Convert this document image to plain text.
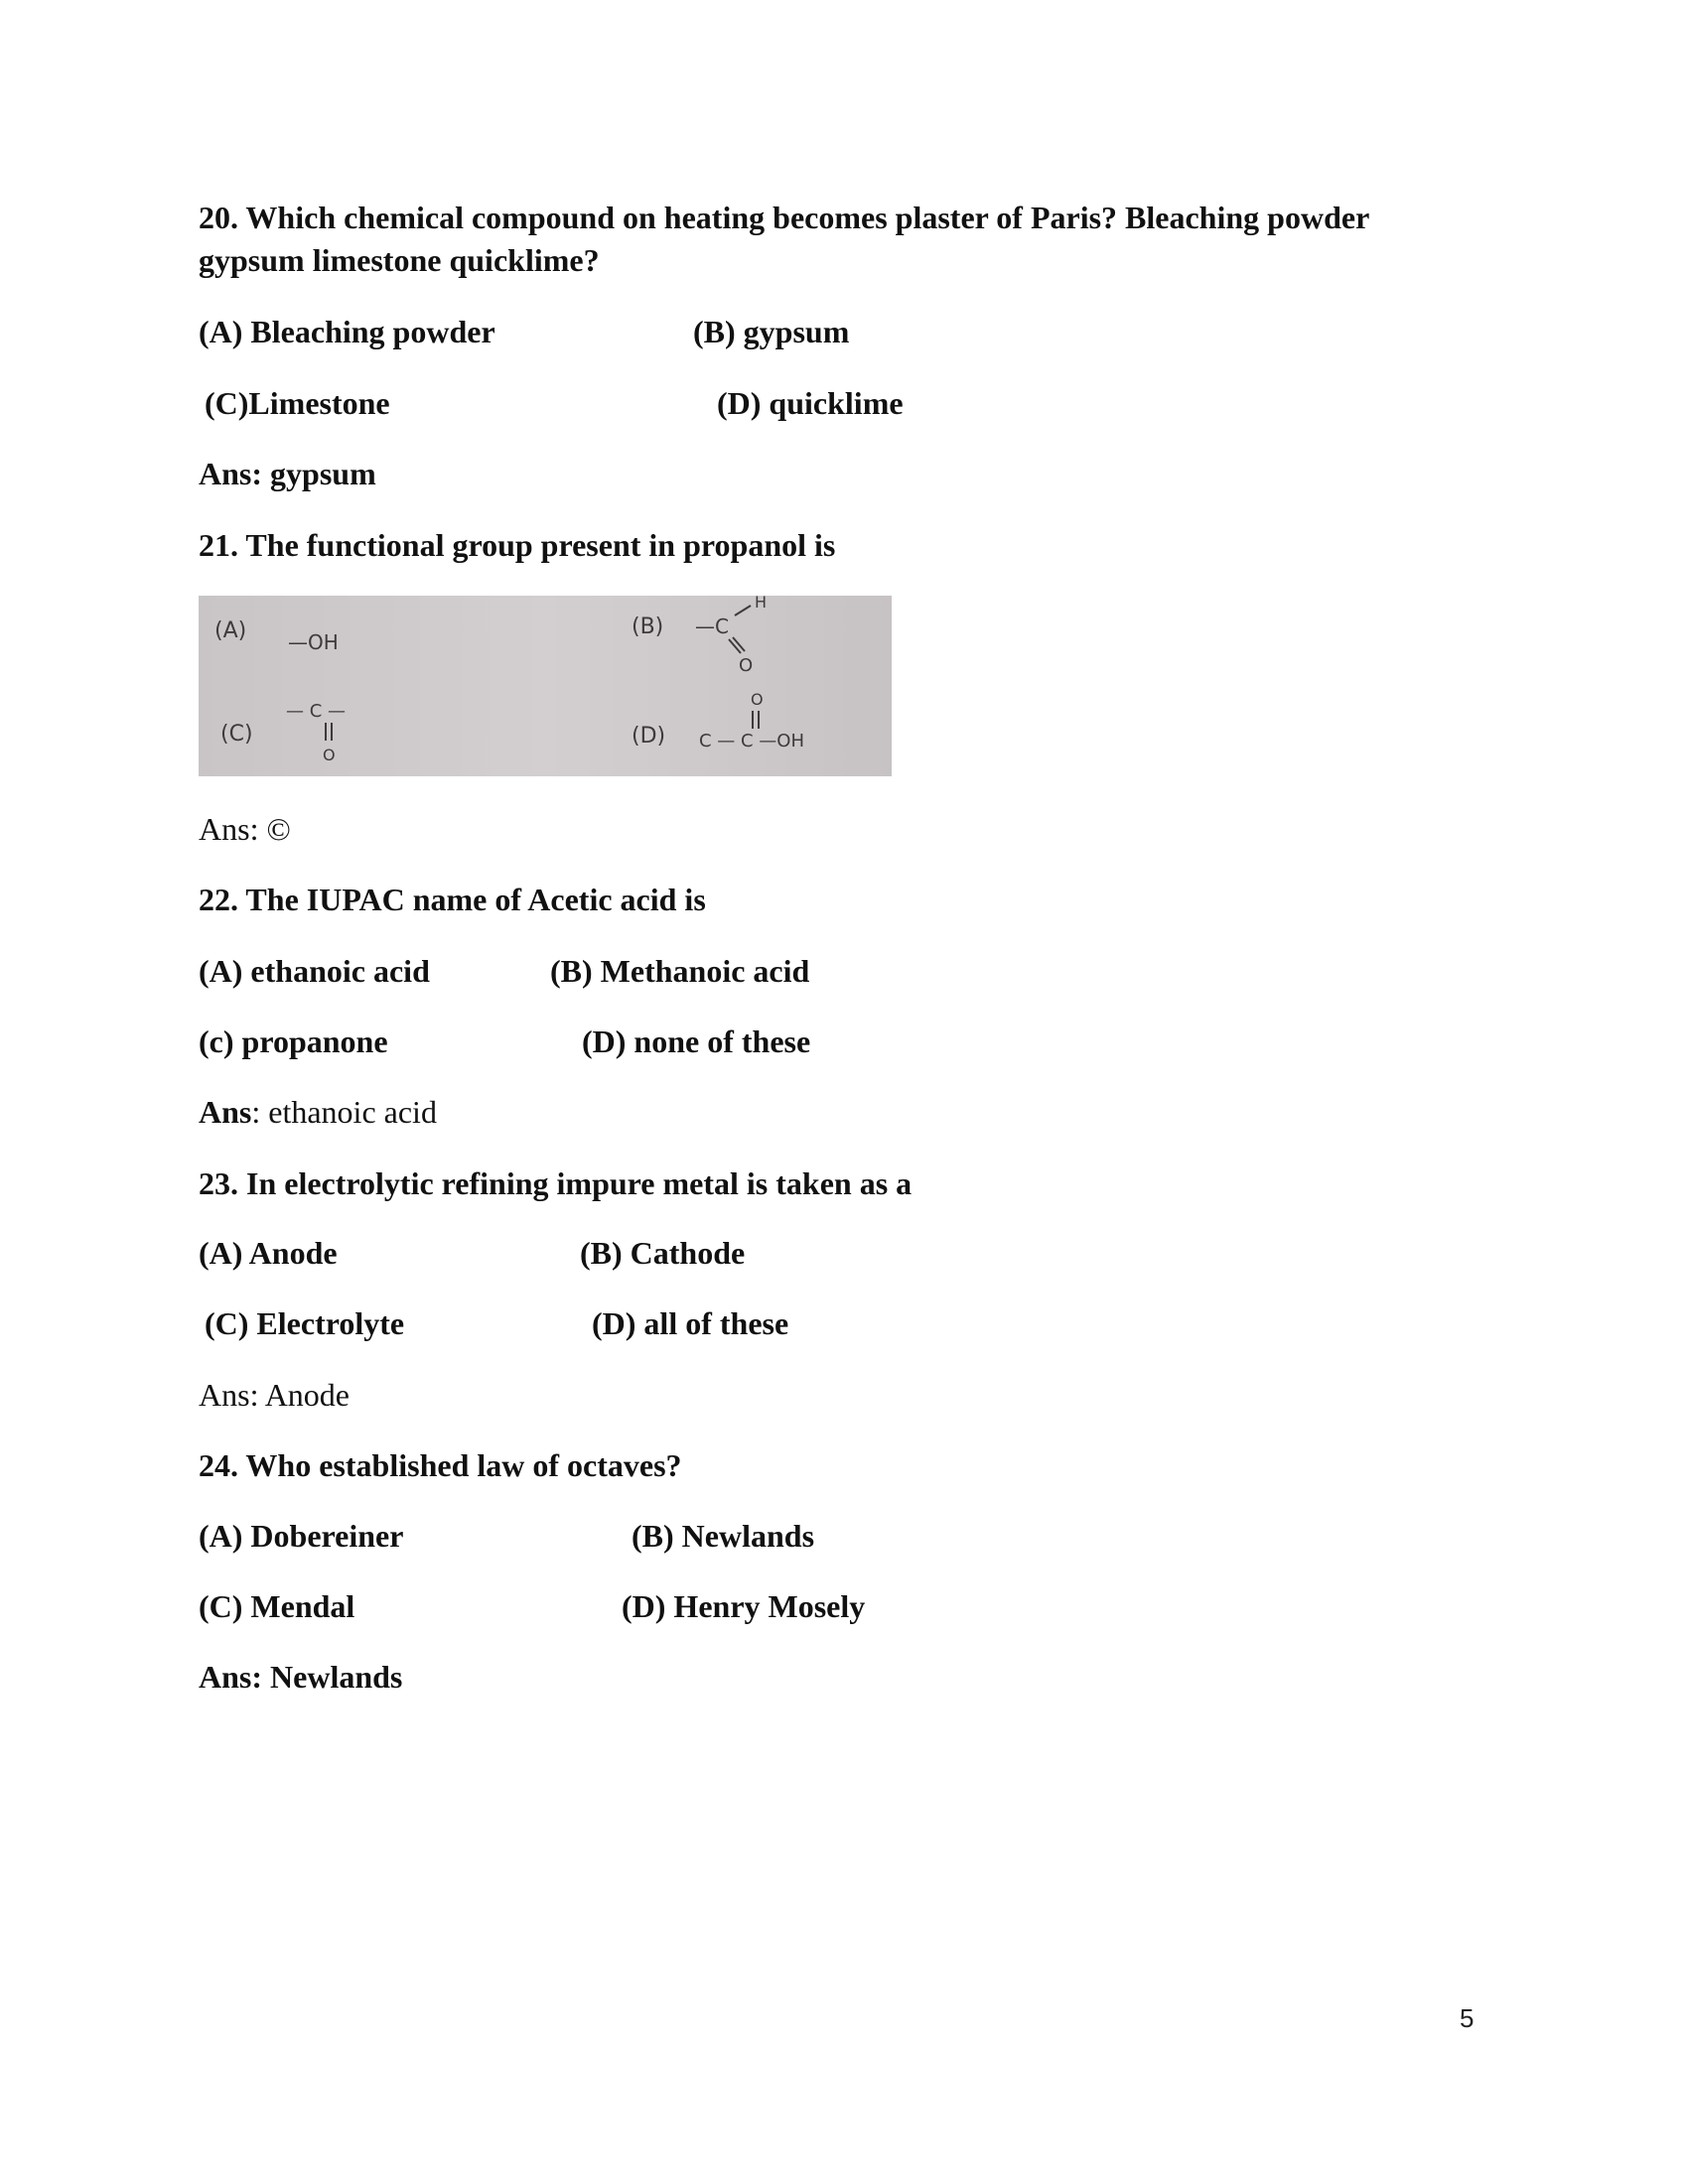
20. Which chemical compound on heating becomes plaster of Paris? Bleaching powder
gypsum limestone quicklime?
(A) Bleaching powder	(B) gypsum
(C)Limestone	(D) quicklime
Ans: gypsum
21. The functional group present in propanol is
(A) —OH
(B) —C
H
O
(C)
— C —
O
(D)
O
C — C —OH
Ans: ©
22. The IUPAC name of Acetic acid is
(A) ethanoic acid	(B) Methanoic acid
(c) propanone	(D) none of these
Ans: ethanoic acid
23. In electrolytic refining impure metal is taken as a
(A) Anode	(B) Cathode
(C) Electrolyte	(D) all of these
Ans: Anode
24. Who established law of octaves?
(A) Dobereiner	(B) Newlands
(C) Mendal	(D) Henry Mosely
Ans: Newlands
5
